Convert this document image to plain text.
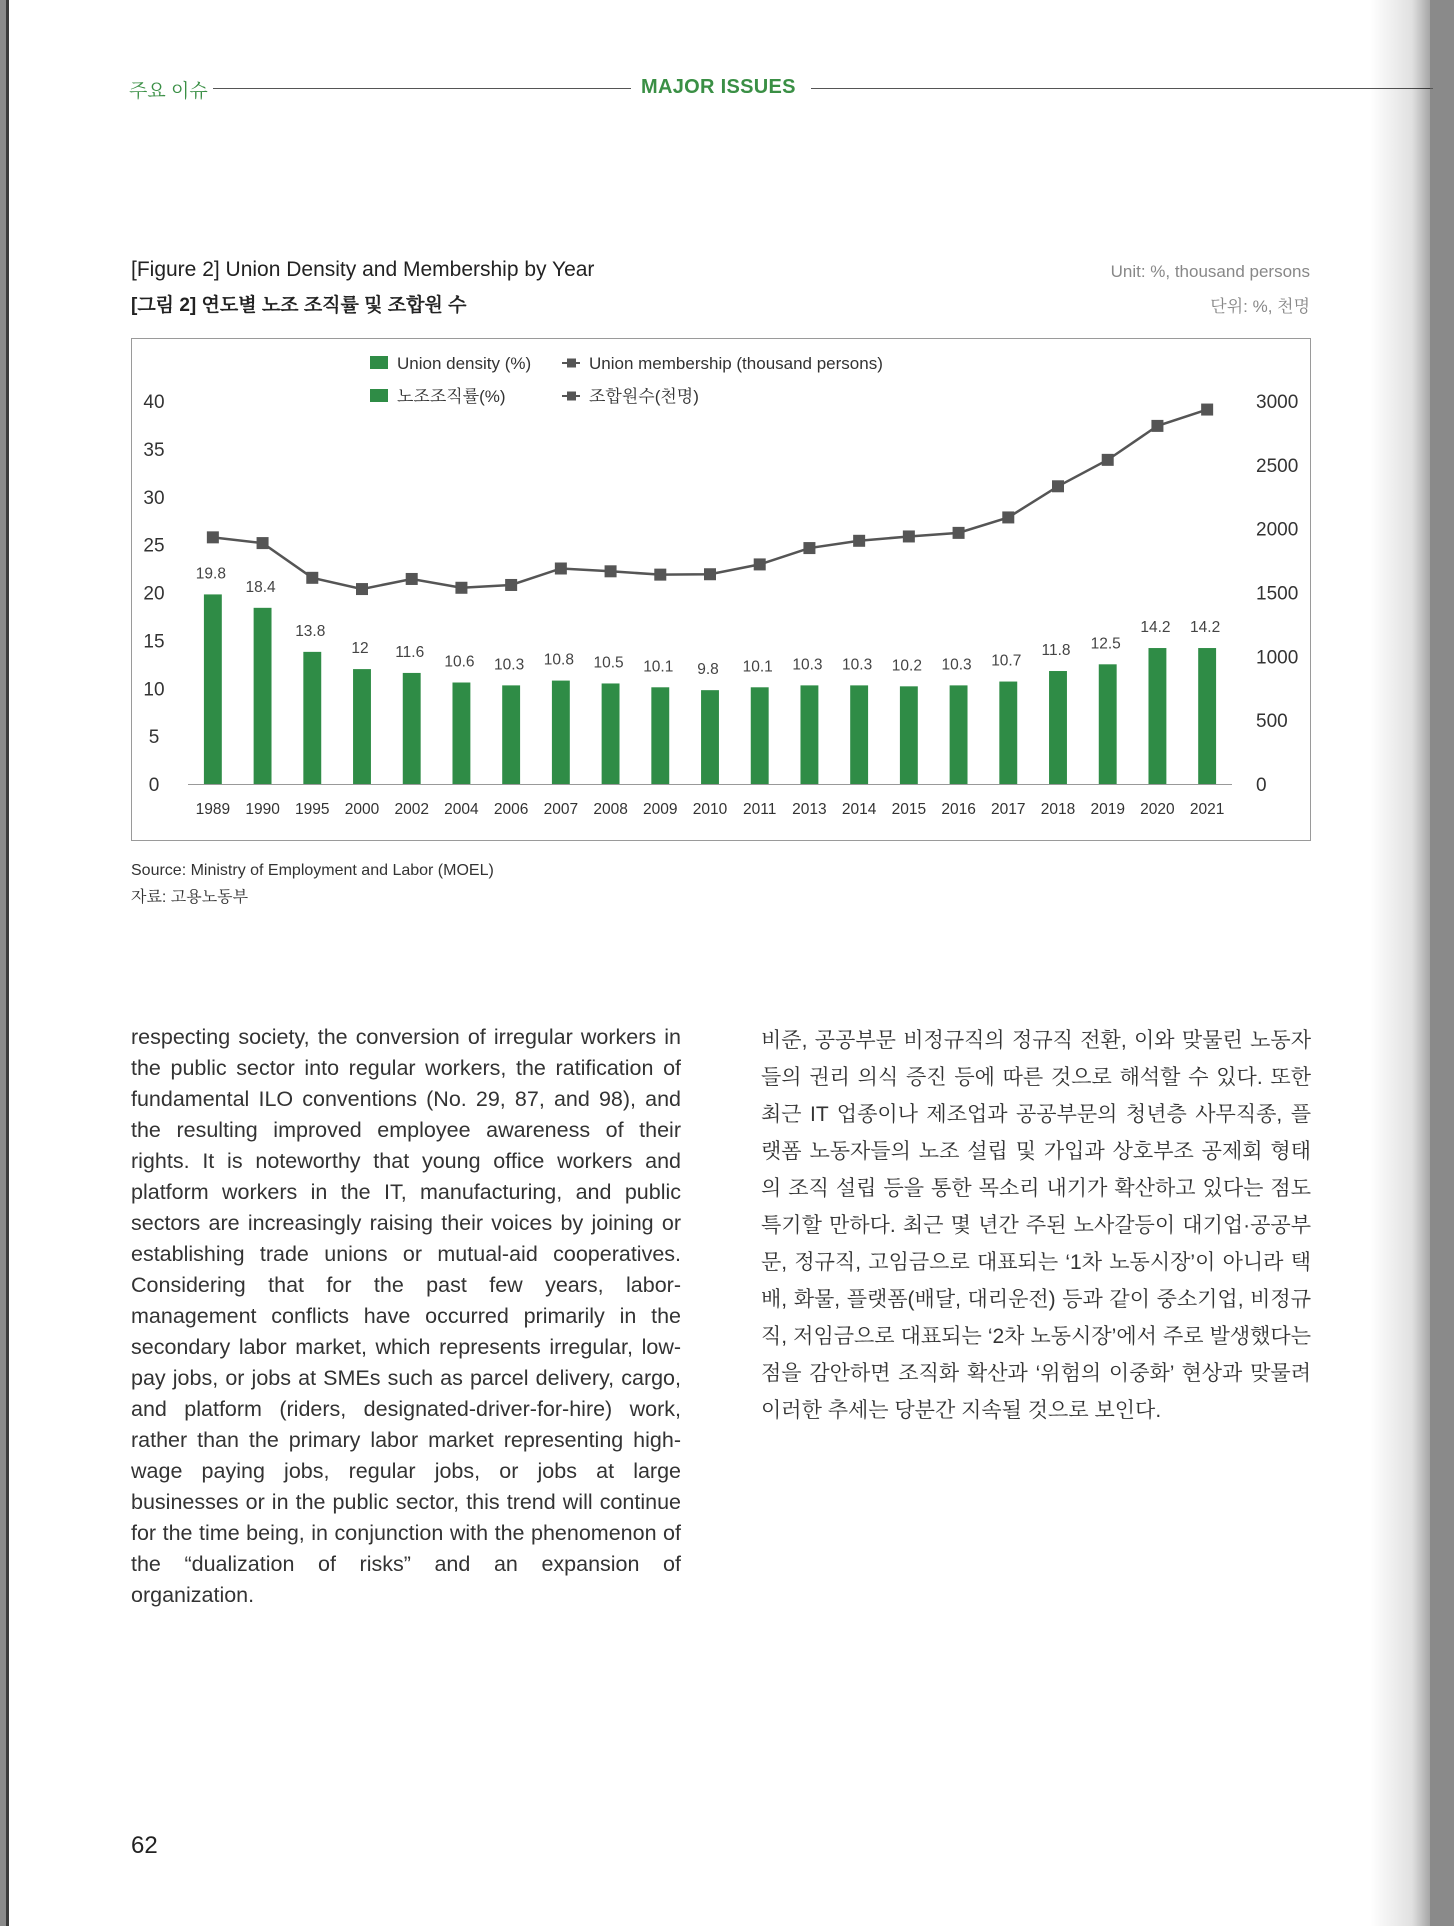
주요 이슈	MAJOR ISSUES
[Figure 2] Union Density and Membership by Year
[그림 2] 연도별 노조 조직률 및 조합원 수
Unit: %, thousand persons
단위: %, 천명
0
5
10
15
20
25
30
35
40
0
500
1000
1500
2000
2500
3000
19.8
18.4
13.8
12 11.6
10.6 10.3 10.8 10.5 10.1 9.8 10.1 10.3 10.3 10.2 10.3 10.7
11.8 12.5
14.2 14.2
1989 1990 1995 2000 2002 2004 2006 2007 2008 2009 2010 2011 2013 2014 2015 2016 2017 2018 2019 2020 2021
Union density (%)
노조조직률(%)
Union membership (thousand persons)
조합원수(천명)
Source: Ministry of Employment and Labor (MOEL)
자료: 고용노동부
respecting society, the conversion of irregular workers in the public sector into regular workers, the ratification of fundamental ILO conventions (No. 29, 87, and 98), and the resulting improved employee awareness of their rights. It is noteworthy that young office workers and platform workers in the IT, manufacturing, and public sectors are increasingly raising their voices by joining or establishing trade unions or mutual-aid cooperatives. Considering that for the past few years, labor-management conflicts have occurred primarily in the secondary labor market, which represents irregular, low-pay jobs, or jobs at SMEs such as parcel delivery, cargo, and platform (riders, designated-driver-for-hire) work, rather than the primary labor market representing high-wage paying jobs, regular jobs, or jobs at large businesses or in the public sector, this trend will continue for the time being, in conjunction with the phenomenon of the “dualization of risks” and an expansion of organization.
비준, 공공부문 비정규직의 정규직 전환, 이와 맞물린 노동자들의 권리 의식 증진 등에 따른 것으로 해석할 수 있다. 또한 최근 IT 업종이나 제조업과 공공부문의 청년층 사무직종, 플랫폼 노동자들의 노조 설립 및 가입과 상호부조 공제회 형태의 조직 설립 등을 통한 목소리 내기가 확산하고 있다는 점도 특기할 만하다. 최근 몇 년간 주된 노사갈등이 대기업·공공부문, 정규직, 고임금으로 대표되는 ‘1차 노동시장’이 아니라 택배, 화물, 플랫폼(배달, 대리운전) 등과 같이 중소기업, 비정규직, 저임금으로 대표되는 ‘2차 노동시장’에서 주로 발생했다는 점을 감안하면 조직화 확산과 ‘위험의 이중화’ 현상과 맞물려 이러한 추세는 당분간 지속될 것으로 보인다.
62
